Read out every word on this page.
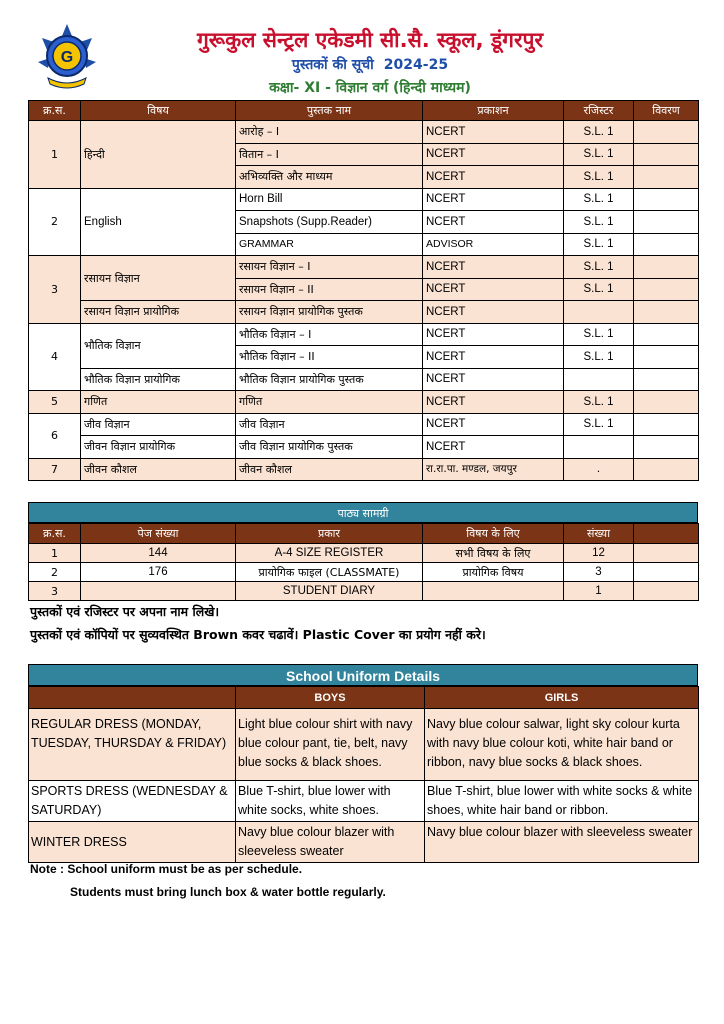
G
गुरूकुल सेन्ट्रल एकेडमी सी.सै. स्कूल, डूंगरपुर
पुस्तकों की सूची 2024-25
कक्षा- XI - विज्ञान वर्ग (हिन्दी माध्यम)
क्र.स.	विषय	पुस्तक नाम	प्रकाशन	रजिस्टर	विवरण
1	हिन्दी	आरोह – I	NCERT	S.L. 1	
		वितान – I	NCERT	S.L. 1	
		अभिव्यक्ति और माध्यम	NCERT	S.L. 1	
2	English	Horn Bill	NCERT	S.L. 1	
		Snapshots (Supp.Reader)	NCERT	S.L. 1	
		GRAMMAR	ADVISOR	S.L. 1	
3	रसायन विज्ञान	रसायन विज्ञान – I	NCERT	S.L. 1	
		रसायन विज्ञान – II	NCERT	S.L. 1	
	रसायन विज्ञान प्रायोगिक	रसायन विज्ञान प्रायोगिक पुस्तक	NCERT		
4	भौतिक विज्ञान	भौतिक विज्ञान – I	NCERT	S.L. 1	
		भौतिक विज्ञान – II	NCERT	S.L. 1	
	भौतिक विज्ञान प्रायोगिक	भौतिक विज्ञान प्रायोगिक पुस्तक	NCERT		
5	गणित	गणित	NCERT	S.L. 1	
6	जीव विज्ञान	जीव विज्ञान	NCERT	S.L. 1	
	जीवन विज्ञान प्रायोगिक	जीव विज्ञान प्रायोगिक पुस्तक	NCERT		
7	जीवन कौशल	जीवन कौशल	रा.रा.पा. मण्डल, जयपुर	.	
पाठ्य सामग्री
क्र.स.	पेज संख्या	प्रकार	विषय के लिए	संख्या	
1	144	A-4 SIZE REGISTER	सभी विषय के लिए	12	
2	176	प्रायोगिक फाइल (CLASSMATE)	प्रायोगिक विषय	3	
3		STUDENT DIARY		1	
पुस्तकों एवं रजिस्टर पर अपना नाम लिखे।
पुस्तकों एवं कॉपियों पर सुव्यवस्थित Brown कवर चढावें। Plastic Cover का प्रयोग नहीं करे।
School Uniform Details
	BOYS	GIRLS
REGULAR DRESS (MONDAY, TUESDAY, THURSDAY & FRIDAY)	Light blue colour shirt with navy blue colour pant, tie, belt, navy blue socks & black shoes.	Navy blue colour salwar, light sky colour kurta with navy blue colour koti, white hair band or ribbon, navy blue socks & black shoes.
SPORTS DRESS (WEDNESDAY & SATURDAY)	Blue T-shirt, blue lower with white socks, white shoes.	Blue T-shirt, blue lower with white socks & white shoes, white hair band or ribbon.
WINTER DRESS	Navy blue colour blazer with sleeveless sweater	Navy blue colour blazer with sleeveless sweater
Note : School uniform must be as per schedule.
Students must bring lunch box & water bottle regularly.
